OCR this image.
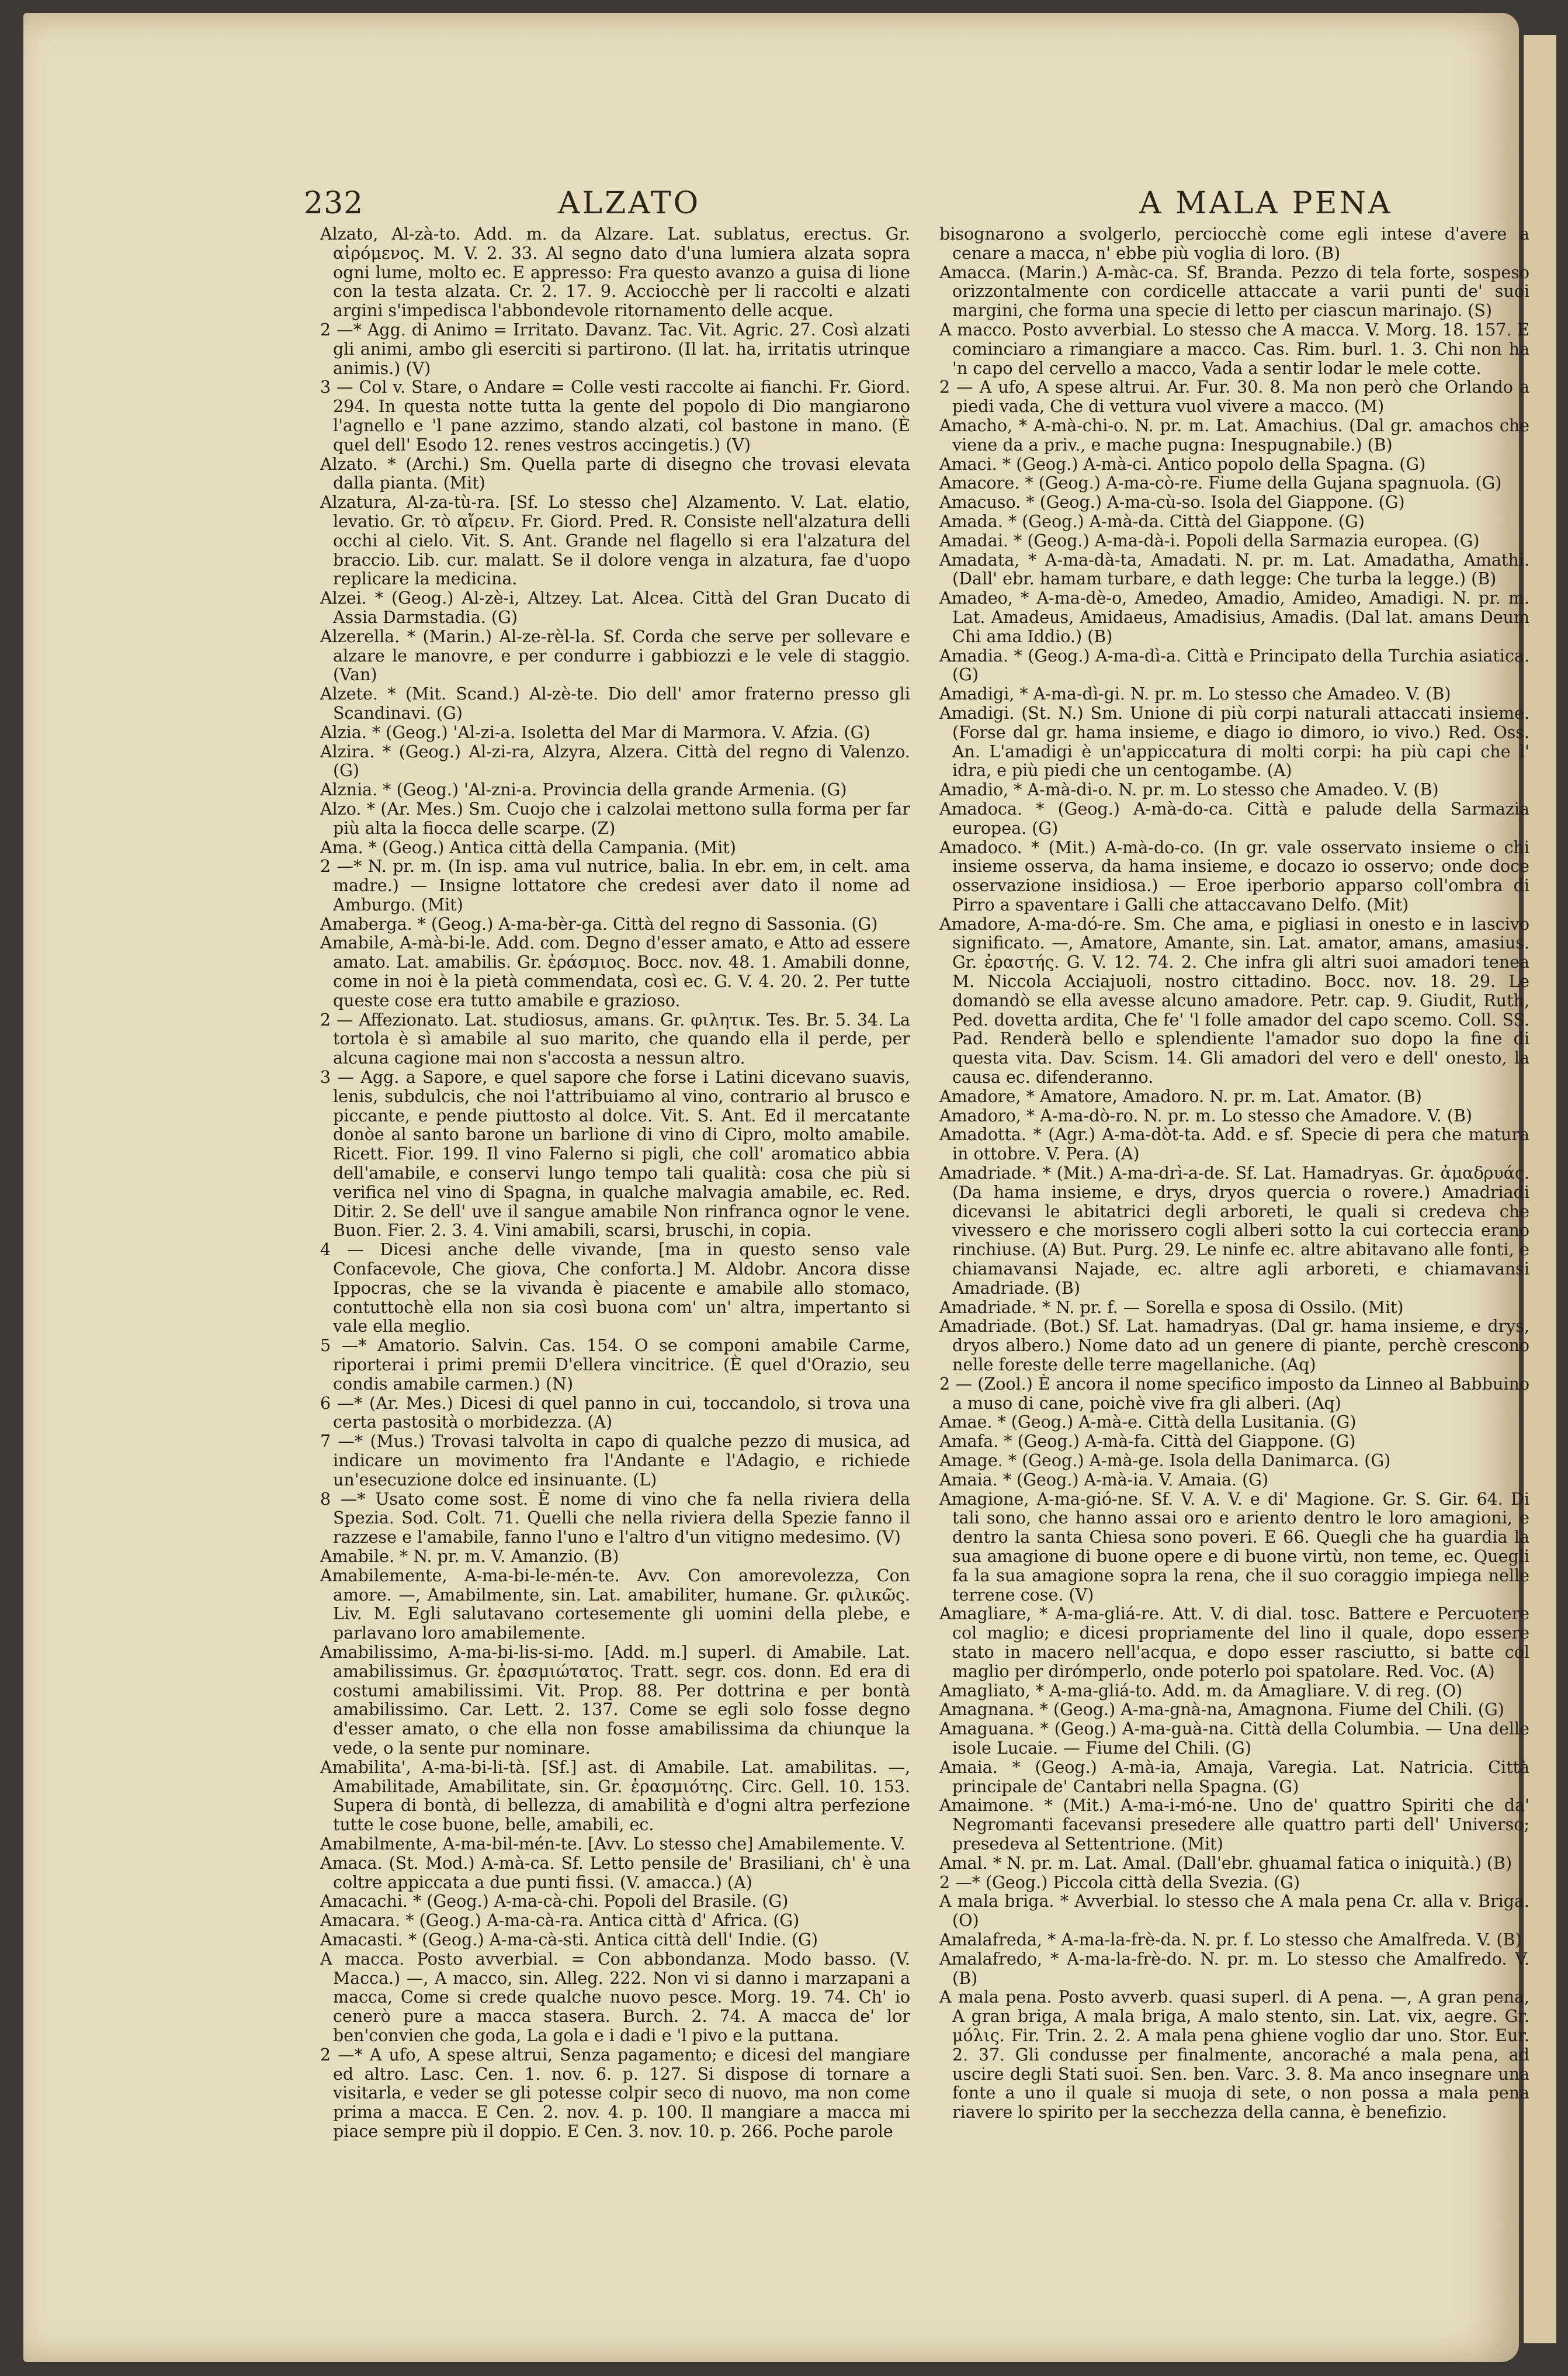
232	ALZATO	A MALA PENA

Alzato, Al-zà-to. Add. m. da Alzare. Lat. sublatus, erectus. Gr. αἰρόμενος. M. V. 2. 33. Al segno dato d'una lumiera alzata sopra ogni lume, molto ec. E appresso: Fra questo avanzo a guisa di lione con la testa alzata. Cr. 2. 17. 9. Acciocchè per li raccolti e alzati argini s'impedisca l'abbondevole ritornamento delle acque.

2 —* Agg. di Animo = Irritato. Davanz. Tac. Vit. Agric. 27. Così alzati gli animi, ambo gli eserciti si partirono. (Il lat. ha, irritatis utrinque animis.) (V)

3 — Col v. Stare, o Andare = Colle vesti raccolte ai fianchi. Fr. Giord. 294. In questa notte tutta la gente del popolo di Dio mangiarono l'agnello e 'l pane azzimo, stando alzati, col bastone in mano. (È quel dell' Esodo 12. renes vestros accingetis.) (V)

Alzato. * (Archi.) Sm. Quella parte di disegno che trovasi elevata dalla pianta. (Mit)

Alzatura, Al-za-tù-ra. [Sf. Lo stesso che] Alzamento. V. Lat. elatio, levatio. Gr. τὸ αἴρειν. Fr. Giord. Pred. R. Consiste nell'alzatura delli occhi al cielo. Vit. S. Ant. Grande nel flagello si era l'alzatura del braccio. Lib. cur. malatt. Se il dolore venga in alzatura, fae d'uopo replicare la medicina.

Alzei. * (Geog.) Al-zè-i, Altzey. Lat. Alcea. Città del Gran Ducato di Assia Darmstadia. (G)

Alzerella. * (Marin.) Al-ze-rèl-la. Sf. Corda che serve per sollevare e alzare le manovre, e per condurre i gabbiozzi e le vele di staggio. (Van)

Alzete. * (Mit. Scand.) Al-zè-te. Dio dell' amor fraterno presso gli Scandinavi. (G)

Alzia. * (Geog.) 'Al-zi-a. Isoletta del Mar di Marmora. V. Afzia. (G)

Alzira. * (Geog.) Al-zi-ra, Alzyra, Alzera. Città del regno di Valenzo. (G)

Alznia. * (Geog.) 'Al-zni-a. Provincia della grande Armenia. (G)

Alzo. * (Ar. Mes.) Sm. Cuojo che i calzolai mettono sulla forma per far più alta la fiocca delle scarpe. (Z)

Ama. * (Geog.) Antica città della Campania. (Mit)

2 —* N. pr. m. (In isp. ama vul nutrice, balia. In ebr. em, in celt. ama madre.) — Insigne lottatore che credesi aver dato il nome ad Amburgo. (Mit)

Amaberga. * (Geog.) A-ma-bèr-ga. Città del regno di Sassonia. (G)

Amabile, A-mà-bi-le. Add. com. Degno d'esser amato, e Atto ad essere amato. Lat. amabilis. Gr. ἐράσμιος. Bocc. nov. 48. 1. Amabili donne, come in noi è la pietà commendata, così ec. G. V. 4. 20. 2. Per tutte queste cose era tutto amabile e grazioso.

2 — Affezionato. Lat. studiosus, amans. Gr. φιλητικ. Tes. Br. 5. 34. La tortola è sì amabile al suo marito, che quando ella il perde, per alcuna cagione mai non s'accosta a nessun altro.

3 — Agg. a Sapore, e quel sapore che forse i Latini dicevano suavis, lenis, subdulcis, che noi l'attribuiamo al vino, contrario al brusco e piccante, e pende piuttosto al dolce. Vit. S. Ant. Ed il mercatante donòe al santo barone un barlione di vino di Cipro, molto amabile. Ricett. Fior. 199. Il vino Falerno si pigli, che coll' aromatico abbia dell'amabile, e conservi lungo tempo tali qualità: cosa che più si verifica nel vino di Spagna, in qualche malvagia amabile, ec. Red. Ditir. 2. Se dell' uve il sangue amabile Non rinfranca ognor le vene. Buon. Fier. 2. 3. 4. Vini amabili, scarsi, bruschi, in copia.

4 — Dicesi anche delle vivande, [ma in questo senso vale Confacevole, Che giova, Che conforta.] M. Aldobr. Ancora disse Ippocras, che se la vivanda è piacente e amabile allo stomaco, contuttochè ella non sia così buona com' un' altra, impertanto si vale ella meglio.

5 —* Amatorio. Salvin. Cas. 154. O se componi amabile Carme, riporterai i primi premii D'ellera vincitrice. (È quel d'Orazio, seu condis amabile carmen.) (N)

6 —* (Ar. Mes.) Dicesi di quel panno in cui, toccandolo, si trova una certa pastosità o morbidezza. (A)

7 —* (Mus.) Trovasi talvolta in capo di qualche pezzo di musica, ad indicare un movimento fra l'Andante e l'Adagio, e richiede un'esecuzione dolce ed insinuante. (L)

8 —* Usato come sost. È nome di vino che fa nella riviera della Spezia. Sod. Colt. 71. Quelli che nella riviera della Spezie fanno il razzese e l'amabile, fanno l'uno e l'altro d'un vitigno medesimo. (V)

Amabile. * N. pr. m. V. Amanzio. (B)

Amabilemente, A-ma-bi-le-mén-te. Avv. Con amorevolezza, Con amore. —, Amabilmente, sin. Lat. amabiliter, humane. Gr. φιλικῶς. Liv. M. Egli salutavano cortesemente gli uomini della plebe, e parlavano loro amabilemente.

Amabilissimo, A-ma-bi-lis-si-mo. [Add. m.] superl. di Amabile. Lat. amabilissimus. Gr. ἐρασμιώτατος. Tratt. segr. cos. donn. Ed era di costumi amabilissimi. Vit. Prop. 88. Per dottrina e per bontà amabilissimo. Car. Lett. 2. 137. Come se egli solo fosse degno d'esser amato, o che ella non fosse amabilissima da chiunque la vede, o la sente pur nominare.

Amabilita', A-ma-bi-li-tà. [Sf.] ast. di Amabile. Lat. amabilitas. —, Amabilitade, Amabilitate, sin. Gr. ἐρασμιότης. Circ. Gell. 10. 153. Supera di bontà, di bellezza, di amabilità e d'ogni altra perfezione tutte le cose buone, belle, amabili, ec.

Amabilmente, A-ma-bil-mén-te. [Avv. Lo stesso che] Amabilemente. V.

Amaca. (St. Mod.) A-mà-ca. Sf. Letto pensile de' Brasiliani, ch' è una coltre appiccata a due punti fissi. (V. amacca.) (A)

Amacachi. * (Geog.) A-ma-cà-chi. Popoli del Brasile. (G)

Amacara. * (Geog.) A-ma-cà-ra. Antica città d' Africa. (G)

Amacasti. * (Geog.) A-ma-cà-sti. Antica città dell' Indie. (G)

A macca. Posto avverbial. = Con abbondanza. Modo basso. (V. Macca.) —, A macco, sin. Alleg. 222. Non vi si danno i marzapani a macca, Come si crede qualche nuovo pesce. Morg. 19. 74. Ch' io cenerò pure a macca stasera. Burch. 2. 74. A macca de' lor ben'convien che goda, La gola e i dadi e 'l pivo e la puttana.

2 —* A ufo, A spese altrui, Senza pagamento; e dicesi del mangiare ed altro. Lasc. Cen. 1. nov. 6. p. 127. Si dispose di tornare a visitarla, e veder se gli potesse colpir seco di nuovo, ma non come prima a macca. E Cen. 2. nov. 4. p. 100. Il mangiare a macca mi piace sempre più il doppio. E Cen. 3. nov. 10. p. 266. Poche parole

bisognarono a svolgerlo, perciocchè come egli intese d'avere a cenare a macca, n' ebbe più voglia di loro. (B)

Amacca. (Marin.) A-màc-ca. Sf. Branda. Pezzo di tela forte, sospeso orizzontalmente con cordicelle attaccate a varii punti de' suoi margini, che forma una specie di letto per ciascun marinajo. (S)

A macco. Posto avverbial. Lo stesso che A macca. V. Morg. 18. 157. E cominciaro a rimangiare a macco. Cas. Rim. burl. 1. 3. Chi non ha 'n capo del cervello a macco, Vada a sentir lodar le mele cotte.

2 — A ufo, A spese altrui. Ar. Fur. 30. 8. Ma non però che Orlando a piedi vada, Che di vettura vuol vivere a macco. (M)

Amacho, * A-mà-chi-o. N. pr. m. Lat. Amachius. (Dal gr. amachos che viene da a priv., e mache pugna: Inespugnabile.) (B)

Amaci. * (Geog.) A-mà-ci. Antico popolo della Spagna. (G)

Amacore. * (Geog.) A-ma-cò-re. Fiume della Gujana spagnuola. (G)

Amacuso. * (Geog.) A-ma-cù-so. Isola del Giappone. (G)

Amada. * (Geog.) A-mà-da. Città del Giappone. (G)

Amadai. * (Geog.) A-ma-dà-i. Popoli della Sarmazia europea. (G)

Amadata, * A-ma-dà-ta, Amadati. N. pr. m. Lat. Amadatha, Amathi. (Dall' ebr. hamam turbare, e dath legge: Che turba la legge.) (B)

Amadeo, * A-ma-dè-o, Amedeo, Amadio, Amideo, Amadigi. N. pr. m. Lat. Amadeus, Amidaeus, Amadisius, Amadis. (Dal lat. amans Deum Chi ama Iddio.) (B)

Amadia. * (Geog.) A-ma-dì-a. Città e Principato della Turchia asiatica. (G)

Amadigi, * A-ma-dì-gi. N. pr. m. Lo stesso che Amadeo. V. (B)

Amadigi. (St. N.) Sm. Unione di più corpi naturali attaccati insieme. (Forse dal gr. hama insieme, e diago io dimoro, io vivo.) Red. Oss. An. L'amadigi è un'appiccatura di molti corpi: ha più capi che l' idra, e più piedi che un centogambe. (A)

Amadio, * A-mà-di-o. N. pr. m. Lo stesso che Amadeo. V. (B)

Amadoca. * (Geog.) A-mà-do-ca. Città e palude della Sarmazia europea. (G)

Amadoco. * (Mit.) A-mà-do-co. (In gr. vale osservato insieme o chi insieme osserva, da hama insieme, e docazo io osservo; onde doce osservazione insidiosa.) — Eroe iperborio apparso coll'ombra di Pirro a spaventare i Galli che attaccavano Delfo. (Mit)

Amadore, A-ma-dó-re. Sm. Che ama, e pigliasi in onesto e in lascivo significato. —, Amatore, Amante, sin. Lat. amator, amans, amasius. Gr. ἐραστής. G. V. 12. 74. 2. Che infra gli altri suoi amadori tenea M. Niccola Acciajuoli, nostro cittadino. Bocc. nov. 18. 29. Le domandò se ella avesse alcuno amadore. Petr. cap. 9. Giudit, Ruth, Ped. dovetta ardita, Che fe' 'l folle amador del capo scemo. Coll. SS. Pad. Renderà bello e splendiente l'amador suo dopo la fine di questa vita. Dav. Scism. 14. Gli amadori del vero e dell' onesto, la causa ec. difenderanno.

Amadore, * Amatore, Amadoro. N. pr. m. Lat. Amator. (B)

Amadoro, * A-ma-dò-ro. N. pr. m. Lo stesso che Amadore. V. (B)

Amadotta. * (Agr.) A-ma-dòt-ta. Add. e sf. Specie di pera che matura in ottobre. V. Pera. (A)

Amadriade. * (Mit.) A-ma-drì-a-de. Sf. Lat. Hamadryas. Gr. ἁμαδρυάς. (Da hama insieme, e drys, dryos quercia o rovere.) Amadriadi dicevansi le abitatrici degli arboreti, le quali si credeva che vivessero e che morissero cogli alberi sotto la cui corteccia erano rinchiuse. (A) But. Purg. 29. Le ninfe ec. altre abitavano alle fonti, e chiamavansi Najade, ec. altre agli arboreti, e chiamavansi Amadriade. (B)

Amadriade. * N. pr. f. — Sorella e sposa di Ossilo. (Mit)

Amadriade. (Bot.) Sf. Lat. hamadryas. (Dal gr. hama insieme, e drys, dryos albero.) Nome dato ad un genere di piante, perchè crescono nelle foreste delle terre magellaniche. (Aq)

2 — (Zool.) È ancora il nome specifico imposto da Linneo al Babbuino a muso di cane, poichè vive fra gli alberi. (Aq)

Amae. * (Geog.) A-mà-e. Città della Lusitania. (G)

Amafa. * (Geog.) A-mà-fa. Città del Giappone. (G)

Amage. * (Geog.) A-mà-ge. Isola della Danimarca. (G)

Amaia. * (Geog.) A-mà-ia. V. Amaia. (G)

Amagione, A-ma-gió-ne. Sf. V. A. V. e di' Magione. Gr. S. Gir. 64. Di tali sono, che hanno assai oro e ariento dentro le loro amagioni, e dentro la santa Chiesa sono poveri. E 66. Quegli che ha guardia la sua amagione di buone opere e di buone virtù, non teme, ec. Quegli fa la sua amagione sopra la rena, che il suo coraggio impiega nelle terrene cose. (V)

Amagliare, * A-ma-gliá-re. Att. V. di dial. tosc. Battere e Percuotere col maglio; e dicesi propriamente del lino il quale, dopo essere stato in macero nell'acqua, e dopo esser rasciutto, si batte col maglio per dirómperlo, onde poterlo poi spatolare. Red. Voc. (A)

Amagliato, * A-ma-gliá-to. Add. m. da Amagliare. V. di reg. (O)

Amagnana. * (Geog.) A-ma-gnà-na, Amagnona. Fiume del Chili. (G)

Amaguana. * (Geog.) A-ma-guà-na. Città della Columbia. — Una delle isole Lucaie. — Fiume del Chili. (G)

Amaia. * (Geog.) A-mà-ia, Amaja, Varegia. Lat. Natricia. Città principale de' Cantabri nella Spagna. (G)

Amaimone. * (Mit.) A-ma-i-mó-ne. Uno de' quattro Spiriti che da' Negromanti facevansi presedere alle quattro parti dell' Universo; presedeva al Settentrione. (Mit)

Amal. * N. pr. m. Lat. Amal. (Dall'ebr. ghuamal fatica o iniquità.) (B)

2 —* (Geog.) Piccola città della Svezia. (G)

A mala briga. * Avverbial. lo stesso che A mala pena Cr. alla v. Briga. (O)

Amalafreda, * A-ma-la-frè-da. N. pr. f. Lo stesso che Amalfreda. V. (B)

Amalafredo, * A-ma-la-frè-do. N. pr. m. Lo stesso che Amalfredo. V. (B)

A mala pena. Posto avverb. quasi superl. di A pena. —, A gran pena, A gran briga, A mala briga, A malo stento, sin. Lat. vix, aegre. Gr. μόλις. Fir. Trin. 2. 2. A mala pena ghiene voglio dar uno. Stor. Eur. 2. 37. Gli condusse per finalmente, ancoraché a mala pena, ad uscire degli Stati suoi. Sen. ben. Varc. 3. 8. Ma anco insegnare una fonte a uno il quale si muoja di sete, o non possa a mala pena riavere lo spirito per la secchezza della canna, è benefizio.
